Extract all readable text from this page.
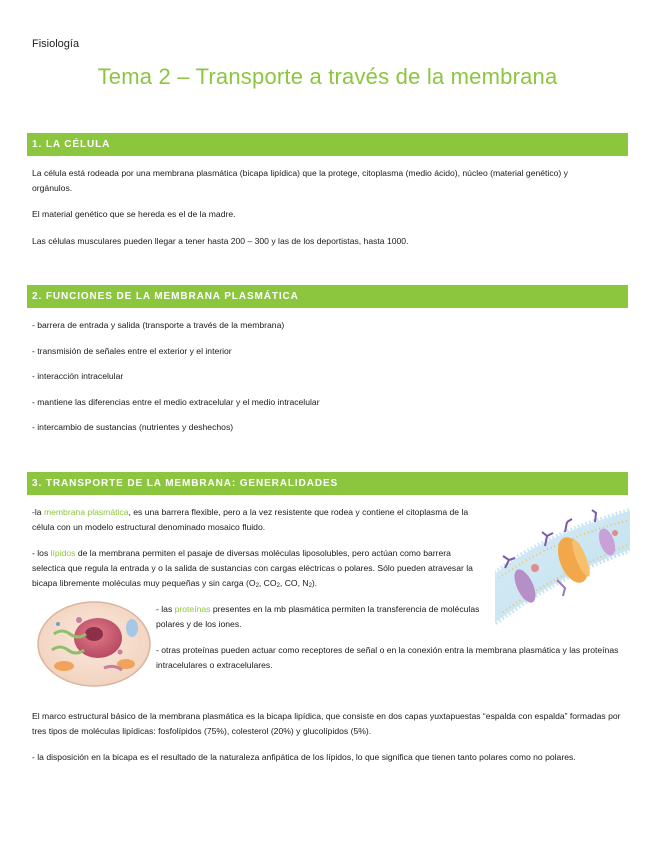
Fisiología
Tema 2 – Transporte a través de la membrana
1. LA CÉLULA
La célula está rodeada por una membrana plasmática (bicapa lipídica) que la protege, citoplasma (medio ácido), núcleo (material genético) y orgánulos.
El material genético que se hereda es el de la madre.
Las células musculares pueden llegar a tener hasta 200 – 300 y las de los deportistas, hasta 1000.
2. FUNCIONES DE LA MEMBRANA PLASMÁTICA
- barrera de entrada y salida (transporte a través de la membrana)
- transmisión de señales entre el exterior y el interior
- interacción intracelular
- mantiene las diferencias entre el medio extracelular y el medio intracelular
- intercambio de sustancias (nutrientes y deshechos)
3. TRANSPORTE DE LA MEMBRANA: GENERALIDADES
-la membrana plasmática, es una barrera flexible, pero a la vez resistente que rodea y contiene el citoplasma de la célula con un modelo estructural denominado mosaico fluido.
- los lípidos de la membrana permiten el pasaje de diversas moléculas liposolubles, pero actúan como barrera selectica que regula la entrada y o la salida de sustancias con cargas eléctricas o polares. Sólo pueden atravesar la bicapa libremente moléculas muy pequeñas y sin carga ($O_2$, $CO_2$, CO, $N_2$).
- las proteínas presentes en la mb plasmática permiten la transferencia de moléculas polares y de los iones.
- otras proteínas pueden actuar como receptores de señal o en la conexión entra la membrana plasmática y las proteínas intracelulares o extracelulares.
El marco estructural básico de la membrana plasmática es la bicapa lipídica, que consiste en dos capas yuxtapuestas “espalda con espalda” formadas por tres tipos de moléculas lipídicas: fosfolípidos (75%), colesterol (20%) y glucolípidos (5%).
- la disposición en la bicapa es el resultado de la naturaleza anfipática de los lípidos, lo que significa que tienen tanto polares como no polares.
